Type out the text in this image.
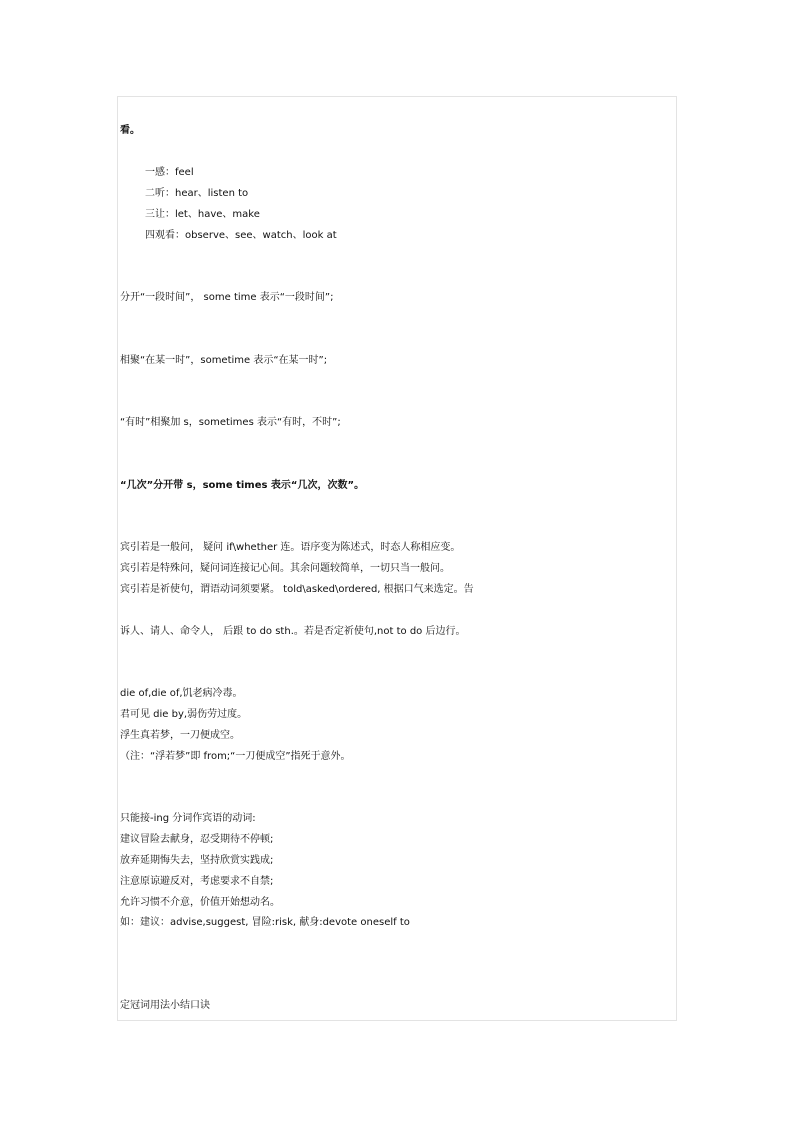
看。
一感：feel
二听：hear、listen to
三让：let、have、make
四观看：observe、see、watch、look at
分开“一段时间”， some time 表示“一段时间”;
相聚“在某一时”，sometime 表示“在某一时”;
“有时”相聚加 s，sometimes 表示“有时，不时”;
“几次”分开带 s，some times 表示“几次，次数”。
宾引若是一般问， 疑问 if\whether 连。语序变为陈述式，时态人称相应变。
宾引若是特殊问，疑问词连接记心间。其余问题较简单，一切只当一般问。
宾引若是祈使句，谓语动词须要紧。 told\asked\ordered, 根据口气来选定。告
诉人、请人、命令人， 后跟 to do sth.。若是否定祈使句,not to do 后边行。
die of,die of,饥老病冷毒。
君可见 die by,弱伤劳过度。
浮生真若梦，一刀便成空。
（注：“浮若梦”即 from;“一刀便成空”指死于意外。
只能接-ing 分词作宾语的动词:
建议冒险去献身，忍受期待不停顿;
放弃延期悔失去，坚持欣赏实践成;
注意原谅避反对，考虑要求不自禁;
允许习惯不介意，价值开始想动名。
如：建议：advise,suggest, 冒险:risk, 献身:devote oneself to
定冠词用法小结口诀
